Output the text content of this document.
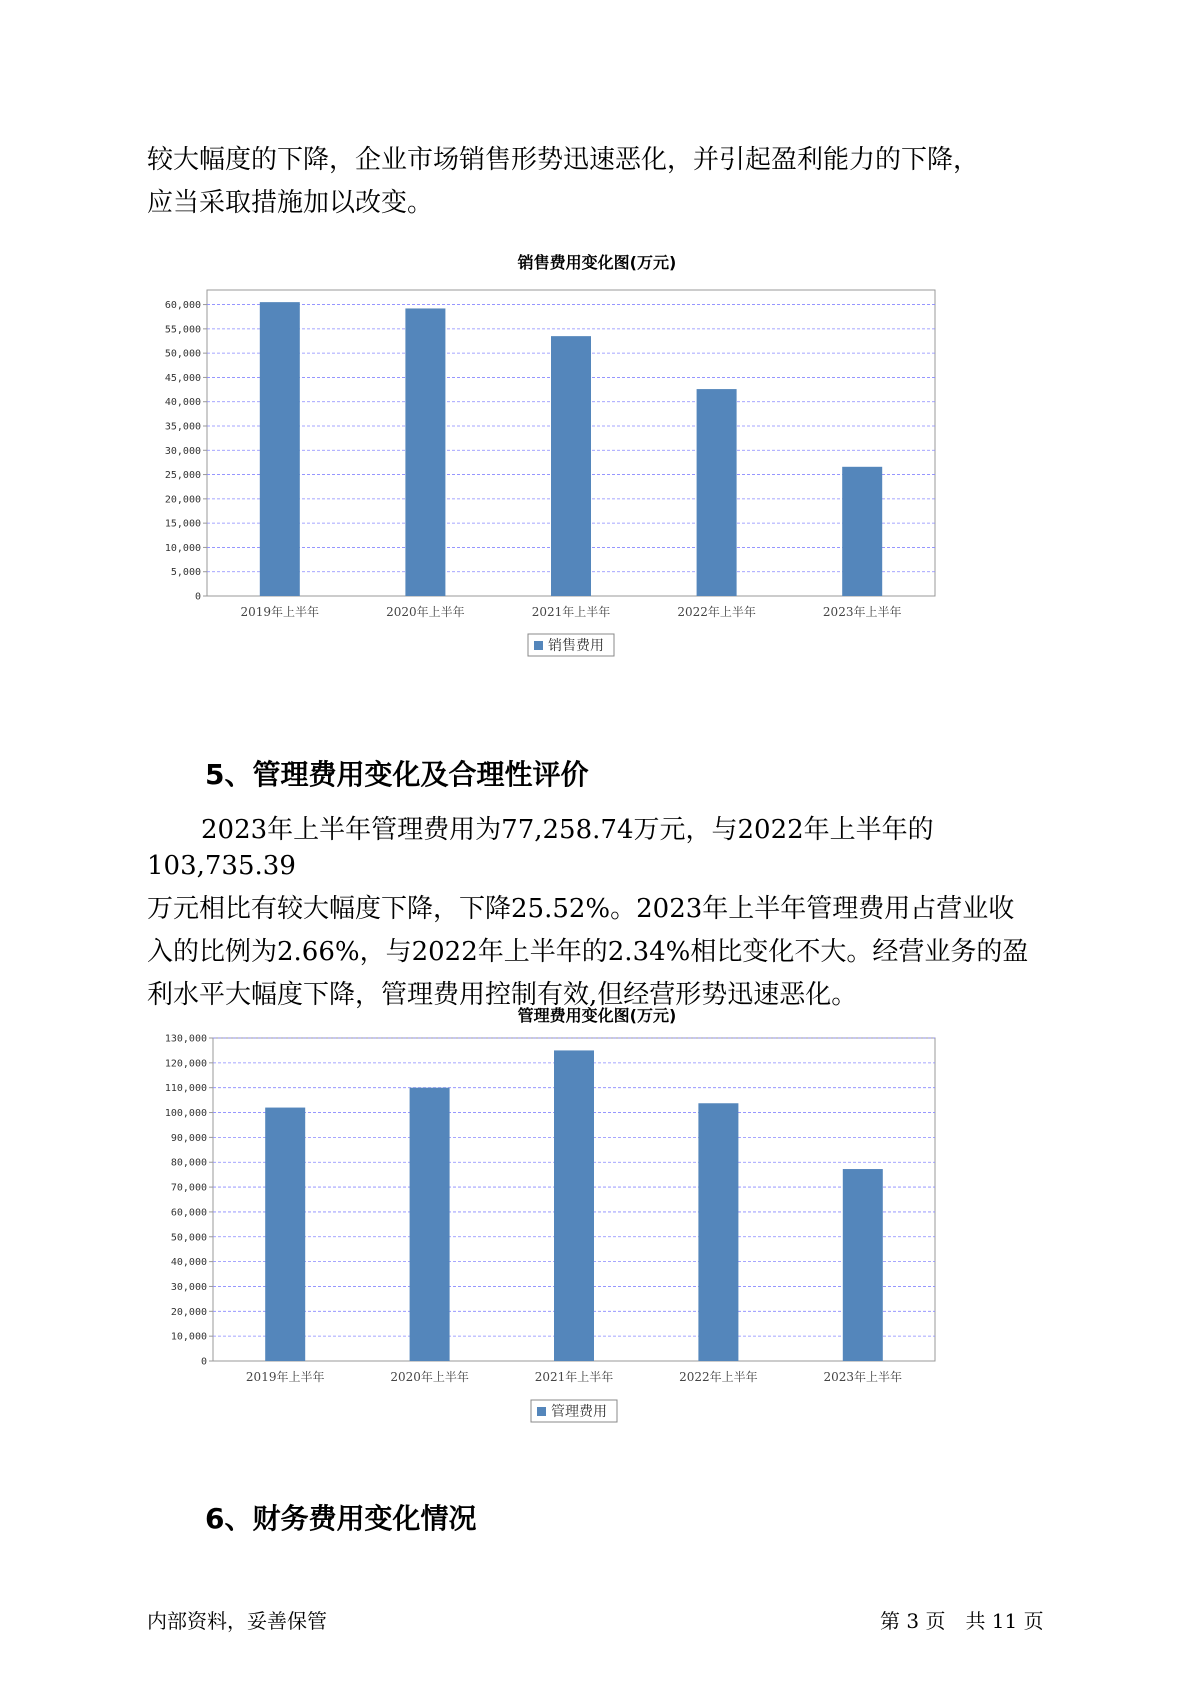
较大幅度的下降，企业市场销售形势迅速恶化，并引起盈利能力的下降，

应当采取措施加以改变。

销售费用变化图(万元)

0
5,000
10,000
15,000
20,000
25,000
30,000
35,000
40,000
45,000
50,000
55,000
60,000
2019年上半年	2020年上半年	2021年上半年	2022年上半年	2023年上半年
销售费用
5、管理费用变化及合理性评价

2023年上半年管理费用为77,258.74万元，与2022年上半年的103,735.39

万元相比有较大幅度下降，下降25.52%。2023年上半年管理费用占营业收

入的比例为2.66%，与2022年上半年的2.34%相比变化不大。经营业务的盈

利水平大幅度下降，管理费用控制有效,但经营形势迅速恶化。

管理费用变化图(万元)

0
10,000
20,000
30,000
40,000
50,000
60,000
70,000
80,000
90,000
100,000
110,000
120,000
130,000
2019年上半年	2020年上半年	2021年上半年	2022年上半年	2023年上半年
管理费用
6、财务费用变化情况
内部资料，妥善保管	第 3 页　共 11 页
